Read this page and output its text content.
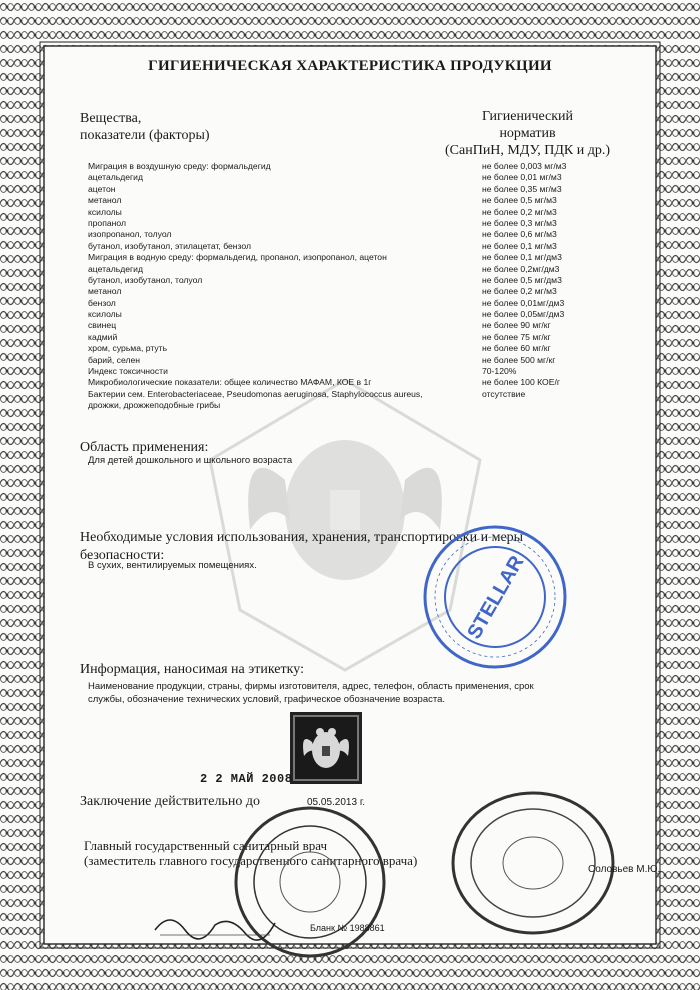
ГИГИЕНИЧЕСКАЯ ХАРАКТЕРИСТИКА ПРОДУКЦИИ
Вещества,
показатели (факторы)
Гигиенический
норматив
(СанПиН, МДУ, ПДК и др.)
Миграция в воздушную среду: формальдегид	не более 0,003 мг/м3
ацетальдегид	не более 0,01 мг/м3
ацетон	не более 0,35 мг/м3
метанол	не более 0,5 мг/м3
ксилолы	не более 0,2 мг/м3
пропанол	не более 0,3 мг/м3
изопропанол, толуол	не более 0,6 мг/м3
бутанол, изобутанол, этилацетат, бензол	не более 0,1 мг/м3
Миграция в водную среду: формальдегид, пропанол, изопропанол, ацетон	не более 0,1 мг/дм3
ацетальдегид	не более 0,2мг/дм3
бутанол, изобутанол, толуол	не более 0,5 мг/дм3
метанол	не более 0,2 мг/м3
бензол	не более 0,01мг/дм3
ксилолы	не более 0,05мг/дм3
свинец	не более 90 мг/кг
кадмий	не более 75 мг/кг
хром, сурьма, ртуть	не более 60 мг/кг
барий, селен	не более 500 мг/кг
Индекс токсичности	70-120%
Микробиологические показатели: общее количество МАФАМ, КОЕ в 1г	не более 100 КОЕ/г
Бактерии сем. Enterobacteriaceae, Pseudomonas aeruginosa, Staphylococcus aureus,	отсутствие
дрожжи, дрожжеподобные грибы
Область применения:
Для детей дошкольного и школьного возраста
Необходимые условия использования, хранения, транспортировки и меры
безопасности:
В сухих, вентилируемых помещениях.	STELLAR
Информация, наносимая на этикетку:
Наименование продукции, страны, фирмы изготовителя, адрес, телефон, область применения, срок
службы, обозначение технических условий, графическое обозначение возраста.
2 2 МАЙ 2008
Заключение действительно до	05.05.2013 г.
Главный государственный санитарный врач
(заместитель главного государственного санитарного врача)
Соловьев М.Ю.
Бланк № 1988861
